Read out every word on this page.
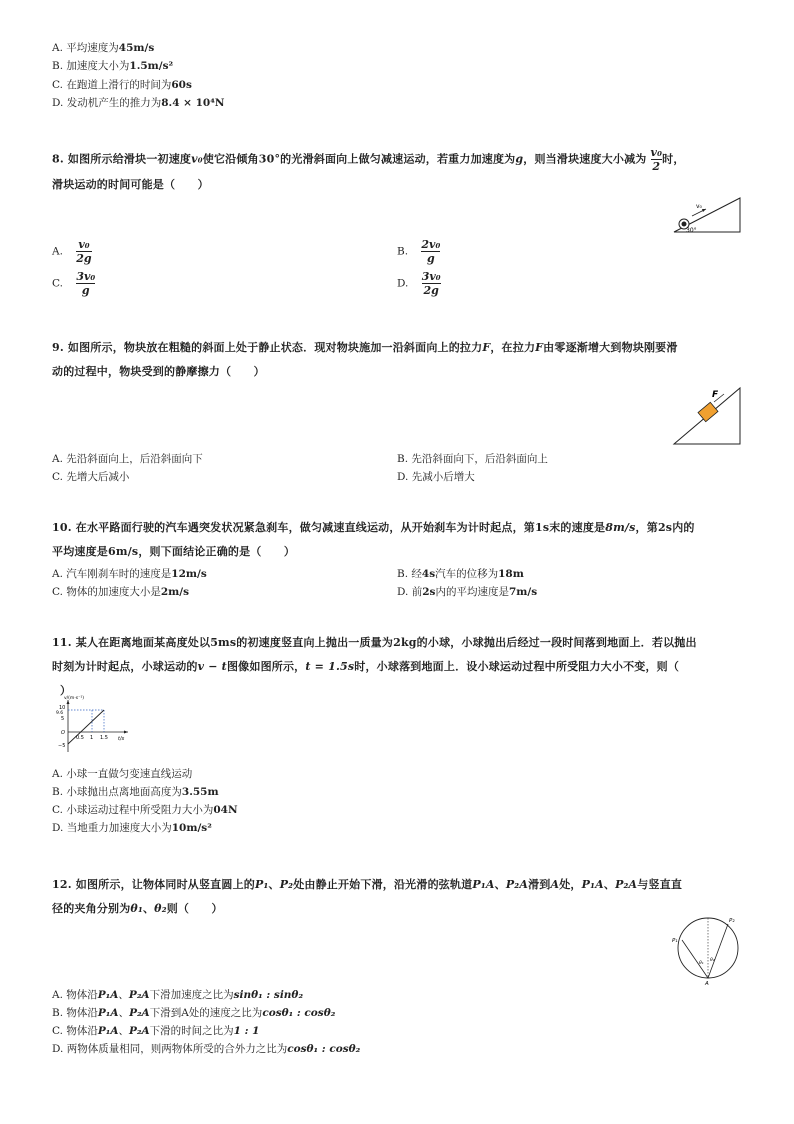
A. 平均速度为45m/s
B. 加速度大小为1.5m/s²
C. 在跑道上滑行的时间为60s
D. 发动机产生的推力为8.4 × 10⁴N
8. 如图所示给滑块一初速度v₀使它沿倾角30°的光滑斜面向上做匀减速运动，若重力加速度为g，则当滑块速度大小减为 $\frac{\text{v₀}}{2}$ 时，
滑块运动的时间可能是（　　）
v₀
30°
A. $\frac{\text{v₀}}{2g}$	B. $\frac{\text{2v₀}}{g}$
C. $\frac{\text{3v₀}}{g}$	D. $\frac{\text{3v₀}}{2g}$
9. 如图所示，物块放在粗糙的斜面上处于静止状态．现对物块施加一沿斜面向上的拉力F，在拉力F由零逐渐增大到物块刚要滑
动的过程中，物块受到的静摩擦力（　　）
F
A. 先沿斜面向上，后沿斜面向下	B. 先沿斜面向下，后沿斜面向上
C. 先增大后减小	D. 先减小后增大
10. 在水平路面行驶的汽车遇突发状况紧急刹车，做匀减速直线运动，从开始刹车为计时起点，第1s末的速度是8m/s，第2s内的
平均速度是6m/s，则下面结论正确的是（　　）
A. 汽车刚刹车时的速度是12m/s	B. 经4s汽车的位移为18m
C. 物体的加速度大小是2m/s	D. 前2s内的平均速度是7m/s
11. 某人在距离地面某高度处以5ms的初速度竖直向上抛出一质量为2kg的小球，小球抛出后经过一段时间落到地面上．若以抛出
时刻为计时起点，小球运动的v − t图像如图所示，t = 1.5s时，小球落到地面上．设小球运动过程中所受阻力大小不变，则（
）
v/(m·s⁻¹)
t/s
10
9.6
5
O
−5
0.5 1 1.5
A. 小球一直做匀变速直线运动
B. 小球抛出点离地面高度为3.55m
C. 小球运动过程中所受阻力大小为04N
D. 当地重力加速度大小为10m/s²
12. 如图所示，让物体同时从竖直圆上的P₁、P₂处由静止开始下滑，沿光滑的弦轨道P₁A、P₂A滑到A处，P₁A、P₂A与竖直直
径的夹角分别为θ₁、θ₂则（　　）
P₁
P₂
A
θ₁
θ₂
A. 物体沿P₁A、P₂A下滑加速度之比为sinθ₁ : sinθ₂
B. 物体沿P₁A、P₂A下滑到A处的速度之比为cosθ₁ : cosθ₂
C. 物体沿P₁A、P₂A下滑的时间之比为1 : 1
D. 两物体质量相同，则两物体所受的合外力之比为cosθ₁ : cosθ₂
